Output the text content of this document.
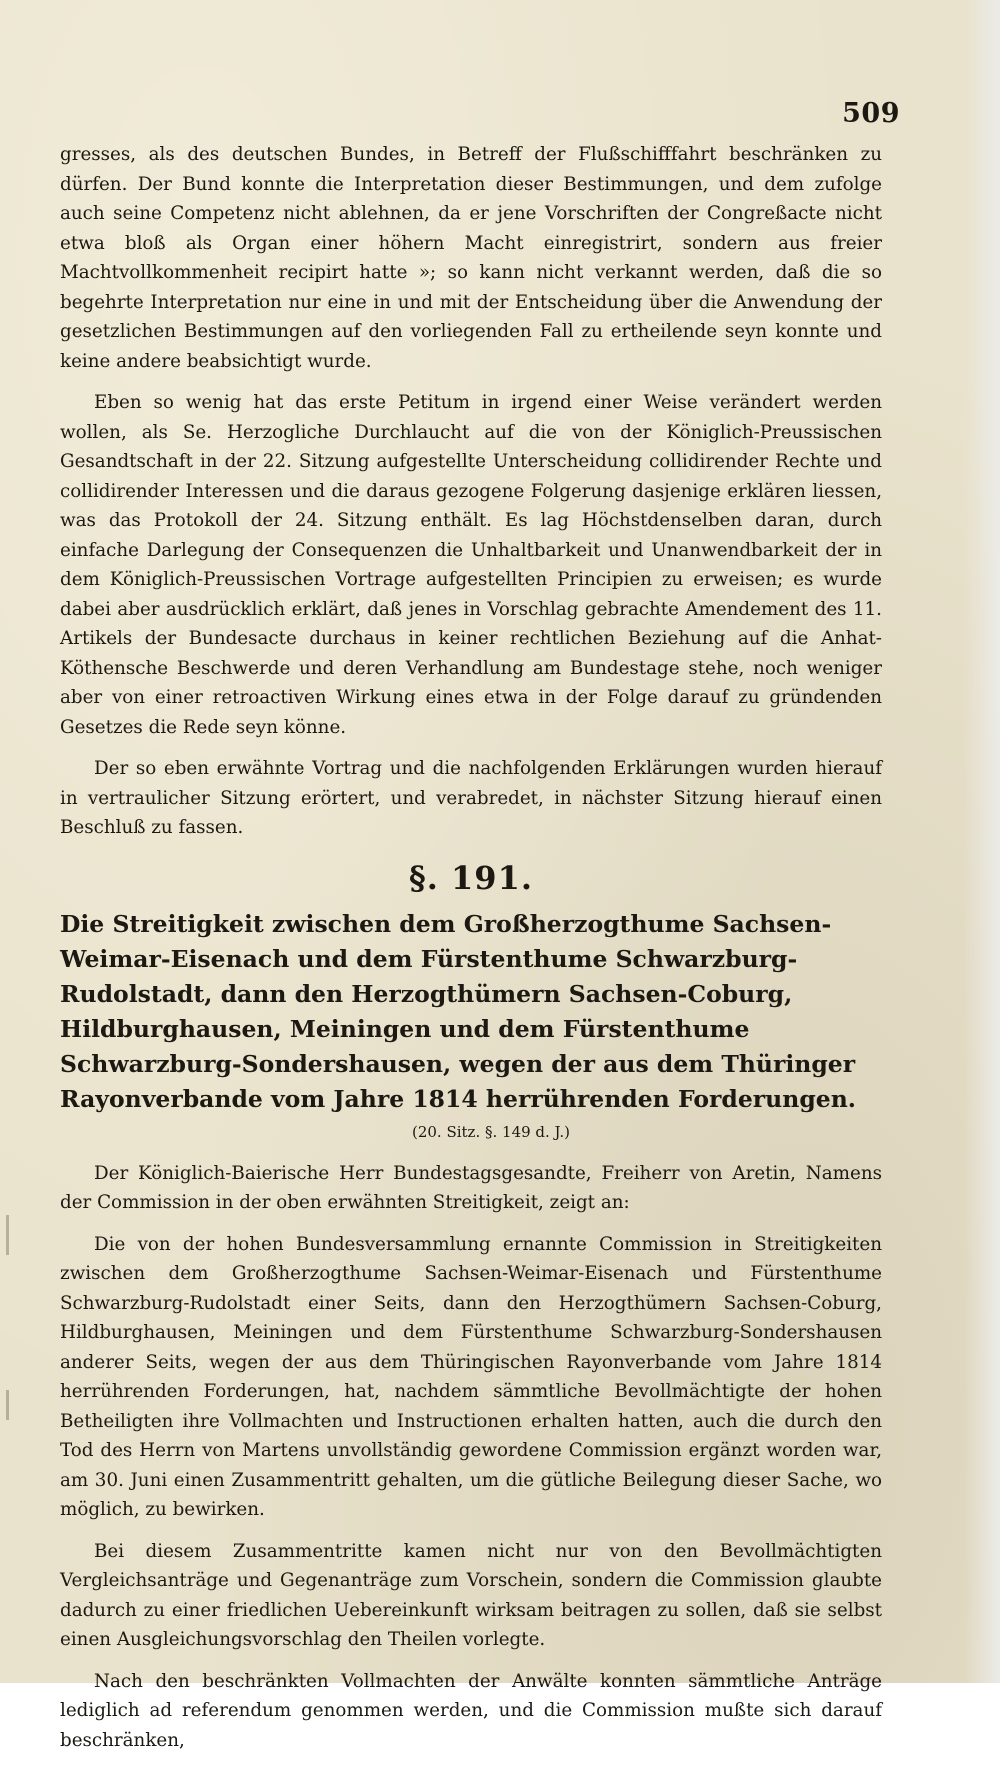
509

gresses, als des deutschen Bundes, in Betreff der Flußschifffahrt beschränken zu dürfen. Der Bund konnte die Interpretation dieser Bestimmungen, und dem zufolge auch seine Competenz nicht ablehnen, da er jene Vorschriften der Congreßacte nicht etwa bloß als Organ einer höhern Macht einregistrirt, sondern aus freier Machtvollkommenheit recipirt hatte »; so kann nicht verkannt werden, daß die so begehrte Interpretation nur eine in und mit der Entscheidung über die Anwendung der gesetzlichen Bestimmungen auf den vorliegenden Fall zu ertheilende seyn konnte und keine andere beabsichtigt wurde.

Eben so wenig hat das erste Petitum in irgend einer Weise verändert werden wollen, als Se. Herzogliche Durchlaucht auf die von der Königlich-Preussischen Gesandtschaft in der 22. Sitzung aufgestellte Unterscheidung collidirender Rechte und collidirender Interessen und die daraus gezogene Folgerung dasjenige erklären liessen, was das Protokoll der 24. Sitzung enthält. Es lag Höchstdenselben daran, durch einfache Darlegung der Consequenzen die Unhaltbarkeit und Unanwendbarkeit der in dem Königlich-Preussischen Vortrage aufgestellten Principien zu erweisen; es wurde dabei aber ausdrücklich erklärt, daß jenes in Vorschlag gebrachte Amendement des 11. Artikels der Bundesacte durchaus in keiner rechtlichen Beziehung auf die Anhat-Köthensche Beschwerde und deren Verhandlung am Bundestage stehe, noch weniger aber von einer retroactiven Wirkung eines etwa in der Folge darauf zu gründenden Gesetzes die Rede seyn könne.

Der so eben erwähnte Vortrag und die nachfolgenden Erklärungen wurden hierauf in vertraulicher Sitzung erörtert, und verabredet, in nächster Sitzung hierauf einen Beschluß zu fassen.

§. 191.

Die Streitigkeit zwischen dem Großherzogthume Sachsen-Weimar-Eisenach und dem Fürstenthume Schwarzburg-Rudolstadt, dann den Herzogthümern Sachsen-Coburg, Hildburghausen, Meiningen und dem Fürstenthume Schwarzburg-Sondershausen, wegen der aus dem Thüringer Rayonverbande vom Jahre 1814 herrührenden Forderungen.

(20. Sitz. §. 149 d. J.)

Der Königlich-Baierische Herr Bundestagsgesandte, Freiherr von Aretin, Namens der Commission in der oben erwähnten Streitigkeit, zeigt an:

Die von der hohen Bundesversammlung ernannte Commission in Streitigkeiten zwischen dem Großherzogthume Sachsen-Weimar-Eisenach und Fürstenthume Schwarzburg-Rudolstadt einer Seits, dann den Herzogthümern Sachsen-Coburg, Hildburghausen, Meiningen und dem Fürstenthume Schwarzburg-Sondershausen anderer Seits, wegen der aus dem Thüringischen Rayonverbande vom Jahre 1814 herrührenden Forderungen, hat, nachdem sämmtliche Bevollmächtigte der hohen Betheiligten ihre Vollmachten und Instructionen erhalten hatten, auch die durch den Tod des Herrn von Martens unvollständig gewordene Commission ergänzt worden war, am 30. Juni einen Zusammentritt gehalten, um die gütliche Beilegung dieser Sache, wo möglich, zu bewirken.

Bei diesem Zusammentritte kamen nicht nur von den Bevollmächtigten Vergleichsanträge und Gegenanträge zum Vorschein, sondern die Commission glaubte dadurch zu einer friedlichen Uebereinkunft wirksam beitragen zu sollen, daß sie selbst einen Ausgleichungsvorschlag den Theilen vorlegte.

Nach den beschränkten Vollmachten der Anwälte konnten sämmtliche Anträge lediglich ad referendum genommen werden, und die Commission mußte sich darauf beschränken,
